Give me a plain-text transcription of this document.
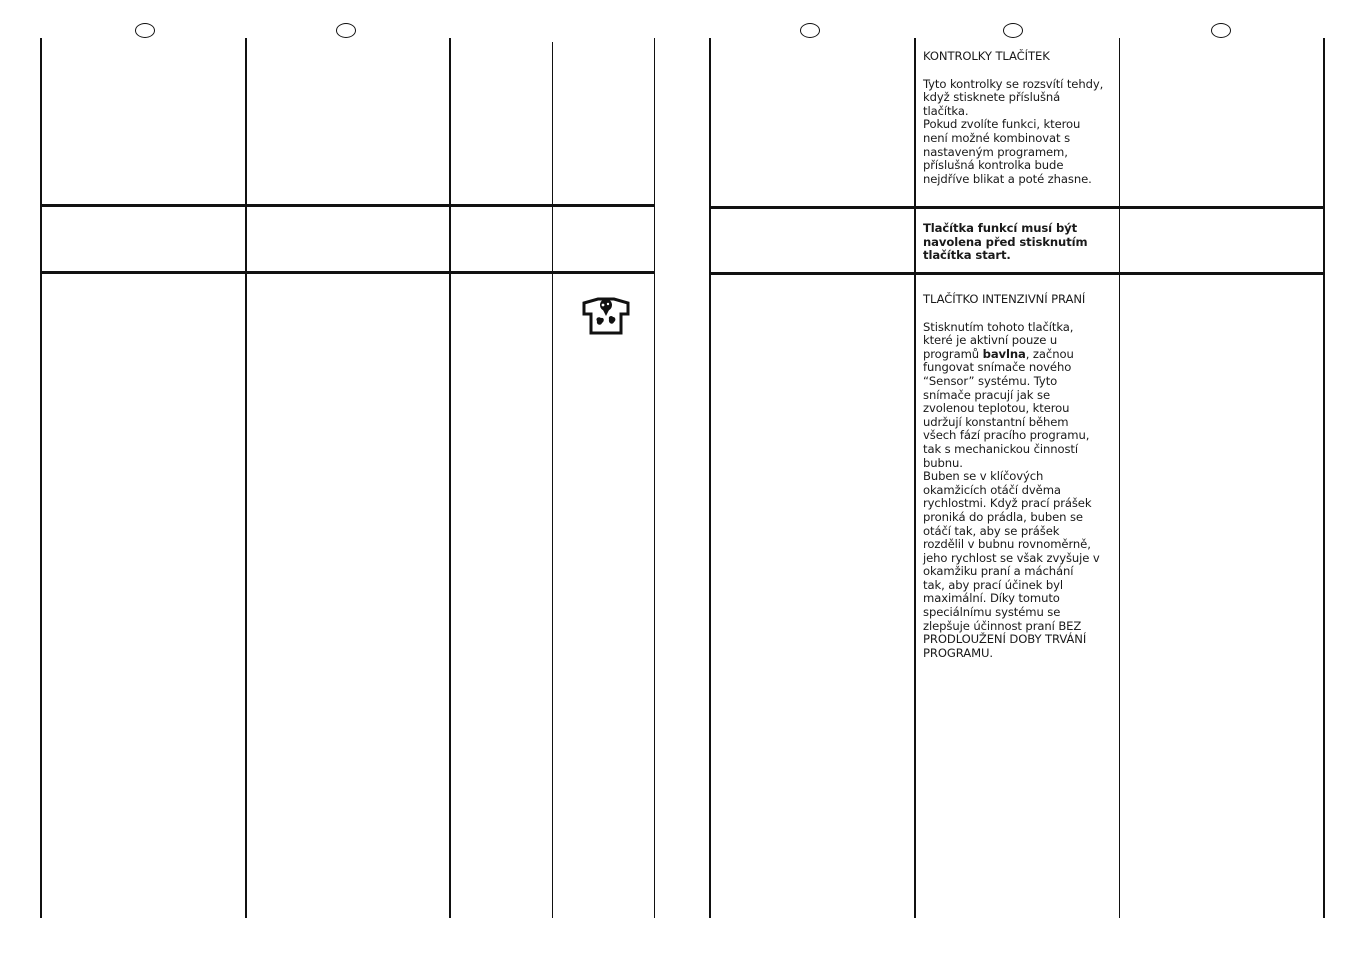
KONTROLKY TLAČÍTEK
Tyto kontrolky se rozsvítí tehdy,
když stisknete příslušná
tlačítka.
Pokud zvolíte funkci, kterou
není možné kombinovat s
nastaveným programem,
příslušná kontrolka bude
nejdříve blikat a poté zhasne.
Tlačítka funkcí musí být
navolena před stisknutím
tlačítka start.
TLAČÍTKO INTENZIVNÍ PRANÍ
Stisknutím tohoto tlačítka,
které je aktivní pouze u
programů bavlna, začnou
fungovat snímače nového
“Sensor” systému. Tyto
snímače pracují jak se
zvolenou teplotou, kterou
udržují konstantní během
všech fází pracího programu,
tak s mechanickou činností
bubnu.
Buben se v klíčových
okamžicích otáčí dvěma
rychlostmi. Když prací prášek
proniká do prádla, buben se
otáčí tak, aby se prášek
rozdělil v bubnu rovnoměrně,
jeho rychlost se však zvyšuje v
okamžiku praní a máchání
tak, aby prací účinek byl
maximální. Díky tomuto
speciálnímu systému se
zlepšuje účinnost praní BEZ
PRODLOUŽENÍ DOBY TRVÁNÍ
PROGRAMU.
